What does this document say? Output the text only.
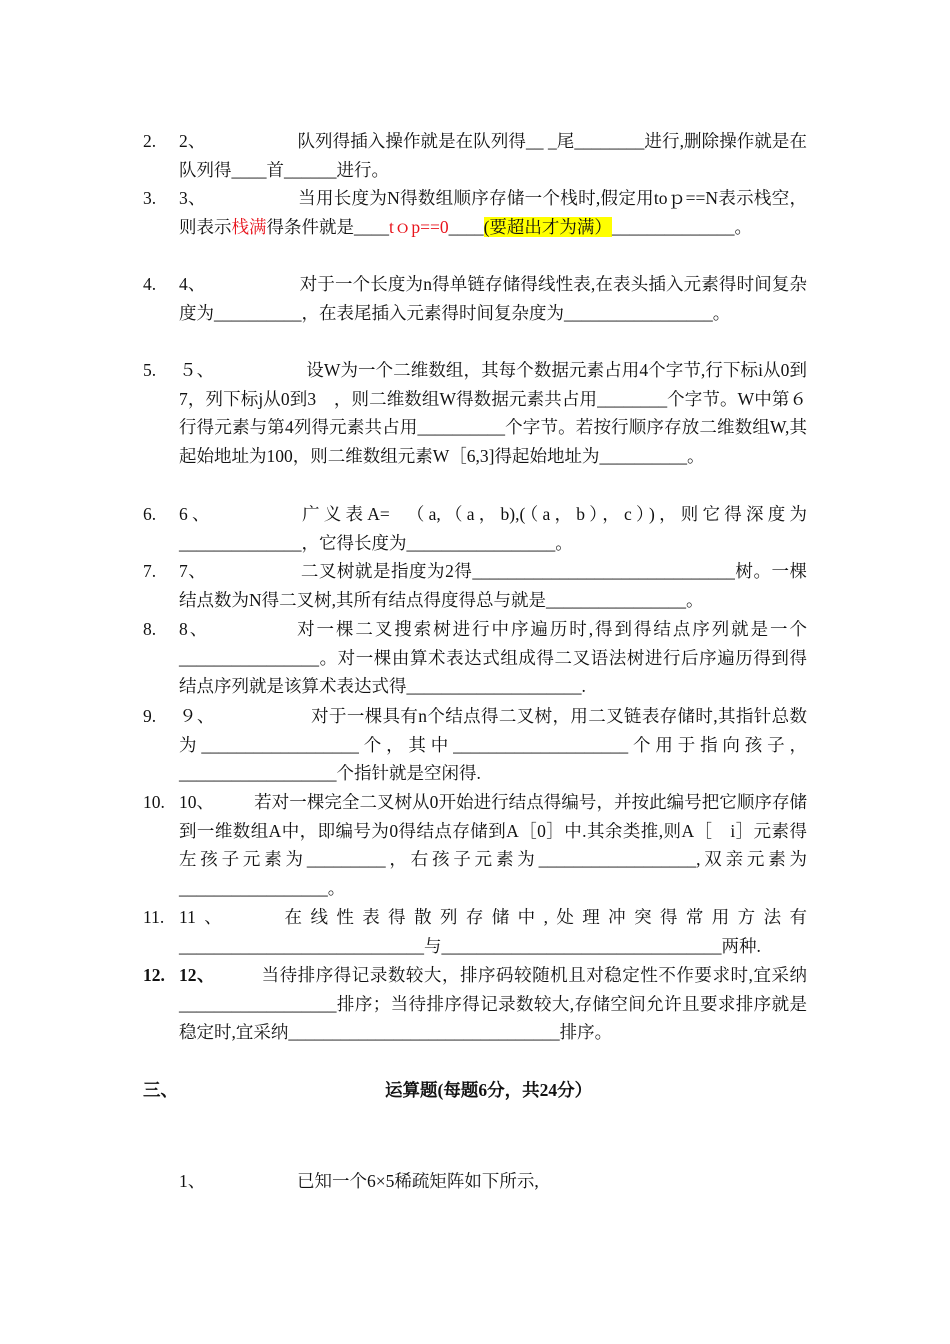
2.	2、	队列得插入操作就是在队列得__ _尾________进行,删除操作就是在队列得____首______进行。
3.	3、	当用长度为N得数组顺序存储一个栈时,假定用toｐ==N表示栈空，则表示栈满得条件就是____tｏp==0____(要超出才为满）______________。
4.	4、	对于一个长度为n得单链存储得线性表,在表头插入元素得时间复杂度为__________，在表尾插入元素得时间复杂度为_________________。
5.	５、	设W为一个二维数组，其每个数据元素占用4个字节,行下标i从0到7，列下标j从0到3　，则二维数组W得数据元素共占用________个字节。W中第６ 行得元素与第4列得元素共占用__________个字节。若按行顺序存放二维数组W,其起始地址为100，则二维数组元素W［6,3]得起始地址为__________。
6.	6、	广义表A=　（a,（a，b),(（a，b），c）)，则它得深度为______________，它得长度为_________________。
7.	7、	二叉树就是指度为2得______________________________树。一棵结点数为N得二叉树,其所有结点得度得总与就是________________。
8.	8、	对一棵二叉搜索树进行中序遍历时,得到得结点序列就是一个________________。对一棵由算术表达式组成得二叉语法树进行后序遍历得到得结点序列就是该算术表达式得____________________.
9.	９、	对于一棵具有n个结点得二叉树，用二叉链表存储时,其指针总数为__________________个，其中____________________个用于指向孩子，__________________个指针就是空闲得.
10. 10、 若对一棵完全二叉树从0开始进行结点得编号，并按此编号把它顺序存储到一维数组A中，即编号为0得结点存储到A［0］中.其余类推,则A［　i］元素得左孩子元素为_________，右孩子元素为__________________,双亲元素为_________________。
11. 11、	在线性表得散列存储中,处理冲突得常用方法有____________________________与________________________________两种.
12. 12、	当待排序得记录数较大，排序码较随机且对稳定性不作要求时,宜采纳__________________排序；当待排序得记录数较大,存储空间允许且要求排序就是稳定时,宜采纳_______________________________排序。
三、	运算题(每题6分，共24分）
1、	已知一个6×5稀疏矩阵如下所示,
